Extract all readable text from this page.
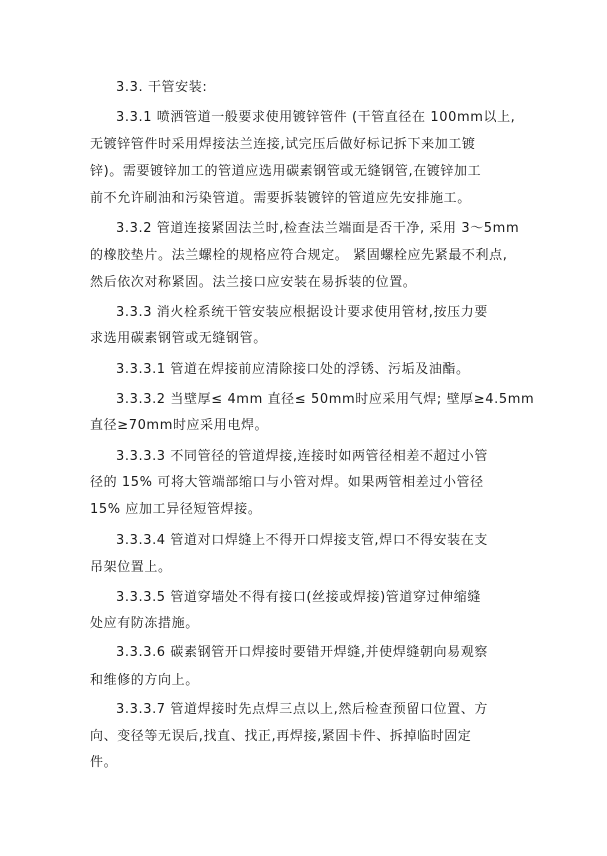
3.3. 干管安装:
3.3.1 喷洒管道一般要求使用镀锌管件 (干管直径在 100mm以上,
无镀锌管件时采用焊接法兰连接,试完压后做好标记拆下来加工镀
锌)。需要镀锌加工的管道应选用碳素钢管或无缝钢管,在镀锌加工
前不允许刷油和污染管道。需要拆装镀锌的管道应先安排施工。
3.3.2 管道连接紧固法兰时,检查法兰端面是否干净, 采用 3～5mm
的橡胶垫片。法兰螺栓的规格应符合规定。 紧固螺栓应先紧最不利点,
然后依次对称紧固。法兰接口应安装在易拆装的位置。
3.3.3 消火栓系统干管安装应根据设计要求使用管材,按压力要
求选用碳素钢管或无缝钢管。
3.3.3.1 管道在焊接前应清除接口处的浮锈、污垢及油酯。
3.3.3.2 当壁厚≤ 4mm 直径≤ 50mm时应采用气焊; 壁厚≥4.5mm
直径≥70mm时应采用电焊。
3.3.3.3 不同管径的管道焊接,连接时如两管径相差不超过小管
径的 15% 可将大管端部缩口与小管对焊。如果两管相差过小管径
15% 应加工异径短管焊接。
3.3.3.4 管道对口焊缝上不得开口焊接支管,焊口不得安装在支
吊架位置上。
3.3.3.5 管道穿墙处不得有接口(丝接或焊接)管道穿过伸缩缝
处应有防冻措施。
3.3.3.6 碳素钢管开口焊接时要错开焊缝,并使焊缝朝向易观察
和维修的方向上。
3.3.3.7 管道焊接时先点焊三点以上,然后检查预留口位置、方
向、变径等无误后,找直、找正,再焊接,紧固卡件、拆掉临时固定
件。
